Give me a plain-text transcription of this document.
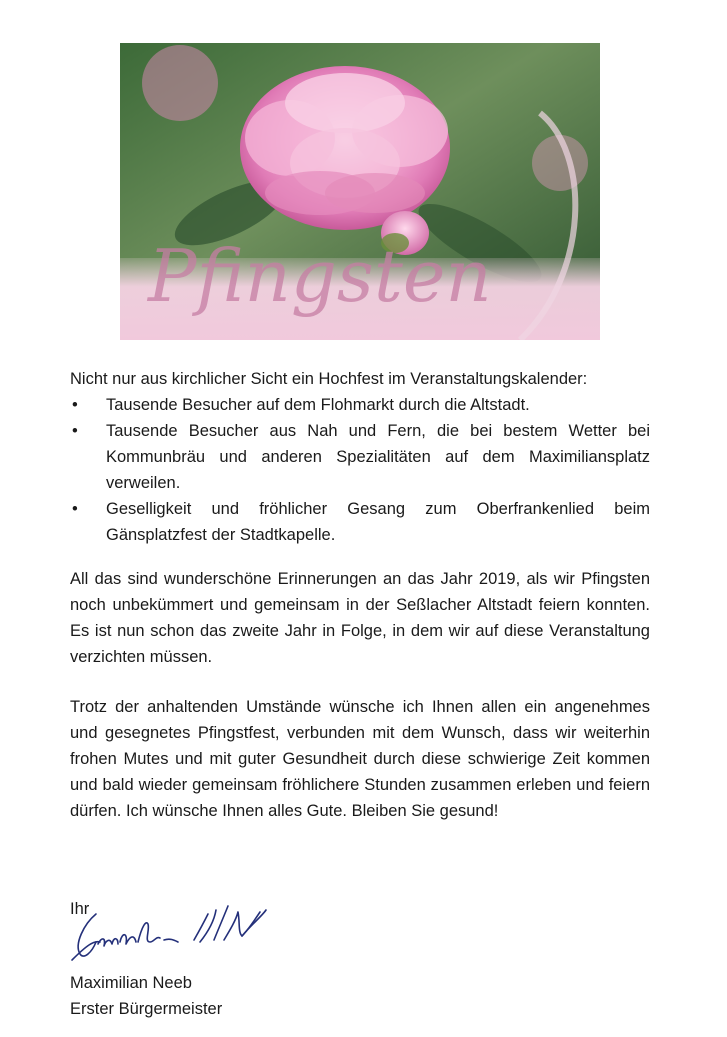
Pfingsten
Nicht nur aus kirchlicher Sicht ein Hochfest im Veranstaltungskalender:
• Tausende Besucher auf dem Flohmarkt durch die Altstadt.
• Tausende Besucher aus Nah und Fern, die bei bestem Wetter bei Kommunbräu und anderen Spezialitäten auf dem Maximiliansplatz verweilen.
• Geselligkeit und fröhlicher Gesang zum Oberfrankenlied beim Gänsplatzfest der Stadtkapelle.
All das sind wunderschöne Erinnerungen an das Jahr 2019, als wir Pfingsten noch unbekümmert und gemeinsam in der Seßlacher Altstadt feiern konnten. Es ist nun schon das zweite Jahr in Folge, in dem wir auf diese Veranstaltung verzichten müssen.
Trotz der anhaltenden Umstände wünsche ich Ihnen allen ein angenehmes und gesegnetes Pfingstfest, verbunden mit dem Wunsch, dass wir weiterhin frohen Mutes und mit guter Gesundheit durch diese schwierige Zeit kommen und bald wieder gemeinsam fröhlichere Stunden zusammen erleben und feiern dürfen. Ich wünsche Ihnen alles Gute. Bleiben Sie gesund!
Ihr
Maximilian Neeb
Erster Bürgermeister
